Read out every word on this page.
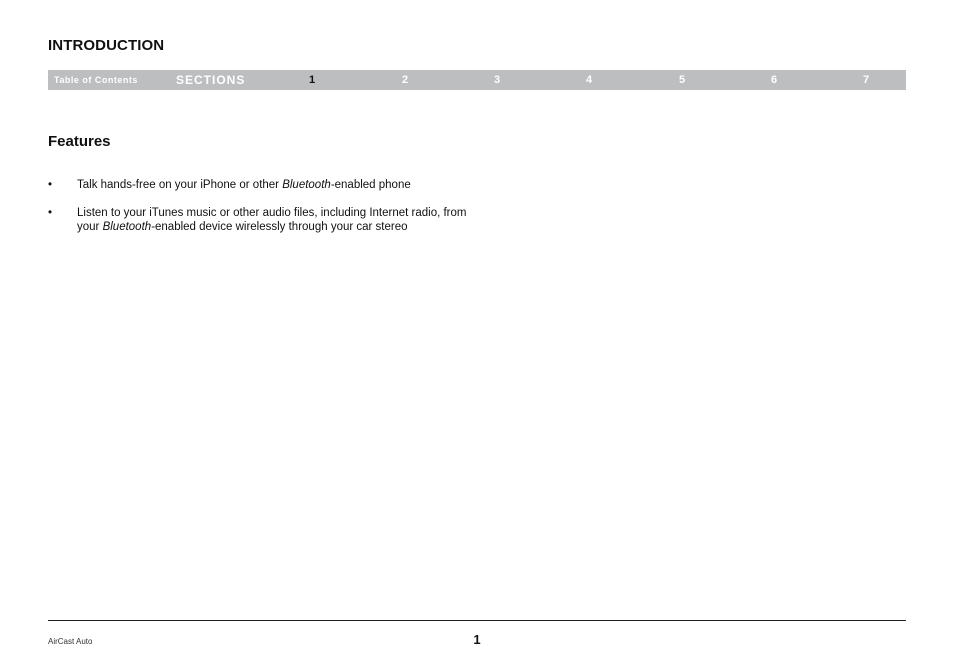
INTRODUCTION
Table of Contents	SECTIONS	1	2	3	4	5	6	7
Features
• Talk hands-free on your iPhone or other Bluetooth-enabled phone
• Listen to your iTunes music or other audio files, including Internet radio, from your Bluetooth-enabled device wirelessly through your car stereo
AirCast Auto	1
